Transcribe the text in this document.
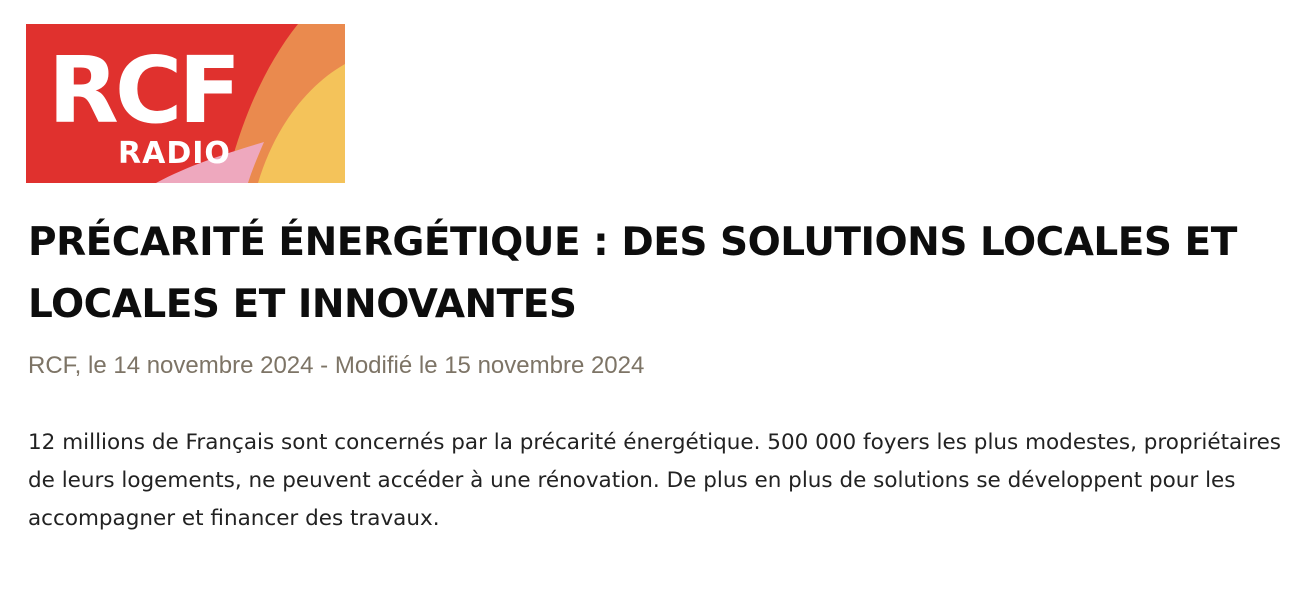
RCF
RADIO
PRÉCARITÉ ÉNERGÉTIQUE : DES SOLUTIONS LOCALES ET LOCALES ET INNOVANTES

RCF, le 14 novembre 2024 - Modifié le 15 novembre 2024

12 millions de Français sont concernés par la précarité énergétique. 500 000 foyers les plus modestes, propriétaires de leurs logements, ne peuvent accéder à une rénovation. De plus en plus de solutions se développent pour les accompagner et financer des travaux.
